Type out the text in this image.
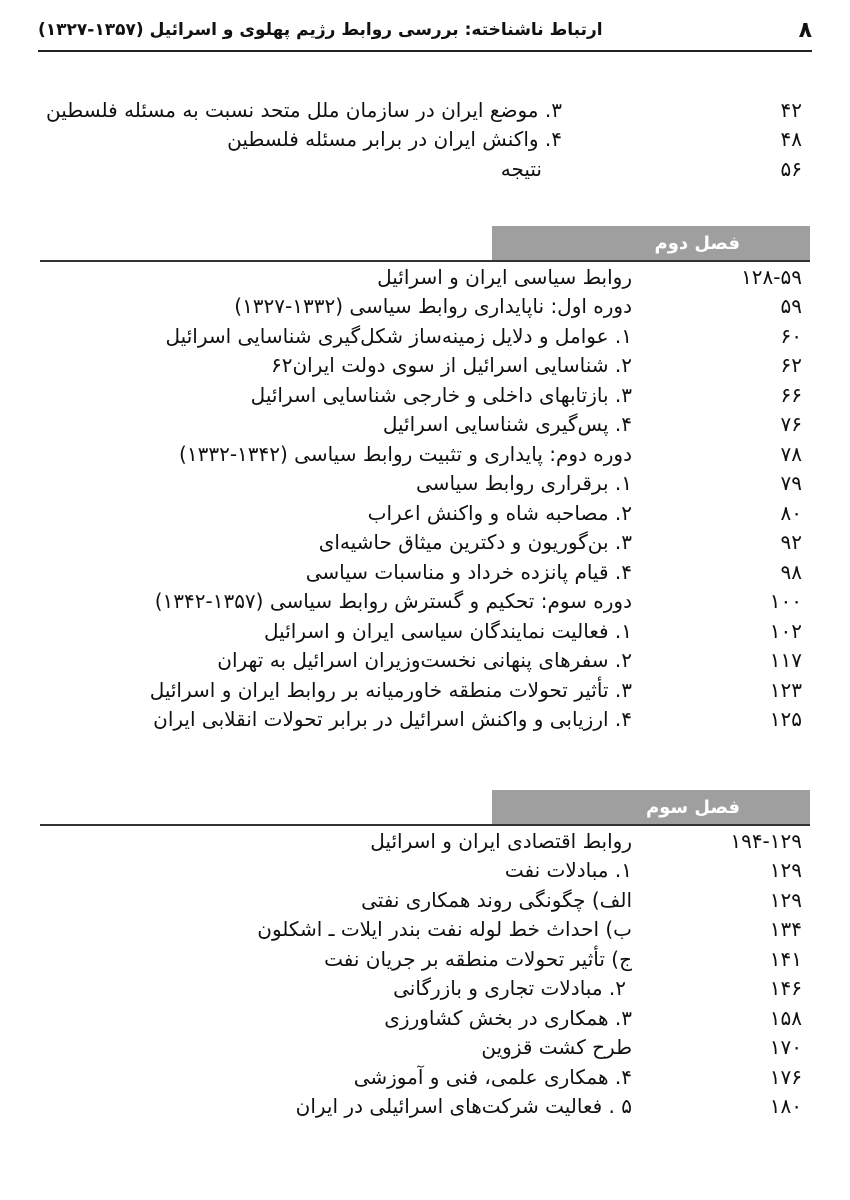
۸
ارتباط ناشناخته: بررسی روابط رژیم پهلوی و اسرائیل (۱۳۵۷-۱۳۲۷)
۴۲
۳. موضع ایران در سازمان ملل متحد نسبت به مسئله فلسطین
۴۸
۴. واکنش ایران در برابر مسئله فلسطین
۵۶
نتیجه
فصل دوم
۱۲۸-۵۹
روابط سیاسی ایران و اسرائیل
۵۹
دوره اول: ناپایداری روابط سیاسی (۱۳۳۲-۱۳۲۷)
۶۰
۱. عوامل و دلایل زمینه‌ساز شکل‌گیری شناسایی اسرائیل
۶۲
۲. شناسایی اسرائیل از سوی دولت ایران۶۲
۶۶
۳. بازتابهای داخلی و خارجی شناسایی اسرائیل
۷۶
۴. پس‌گیری شناسایی اسرائیل
۷۸
دوره دوم: پایداری و تثبیت روابط سیاسی (۱۳۴۲-۱۳۳۲)
۷۹
۱. برقراری روابط سیاسی
۸۰
۲. مصاحبه شاه و واکنش اعراب
۹۲
۳. بن‌گوریون و دکترین میثاق حاشیه‌ای
۹۸
۴. قیام پانزده خرداد و مناسبات سیاسی
۱۰۰
دوره سوم: تحکیم و گسترش روابط سیاسی (۱۳۵۷-۱۳۴۲)
۱۰۲
۱. فعالیت نمایندگان سیاسی ایران و اسرائیل
۱۱۷
۲. سفرهای پنهانی نخست‌وزیران اسرائیل به تهران
۱۲۳
۳. تأثیر تحولات منطقه خاورمیانه بر روابط ایران و اسرائیل
۱۲۵
۴. ارزیابی و واکنش اسرائیل در برابر تحولات انقلابی ایران
فصل سوم
۱۹۴-۱۲۹
روابط اقتصادی ایران و اسرائیل
۱۲۹
۱. مبادلات نفت
۱۲۹
الف) چگونگی روند همکاری نفتی
۱۳۴
ب) احداث خط لوله نفت بندر ایلات ـ اشکلون
۱۴۱
ج) تأثیر تحولات منطقه بر جریان نفت
۱۴۶
۲. مبادلات تجاری و بازرگانی
۱۵۸
۳. همکاری در بخش کشاورزی
۱۷۰
طرح کشت قزوین
۱۷۶
۴. همکاری علمی، فنی و آموزشی
۱۸۰
۵ . فعالیت شرکت‌های اسرائیلی در ایران
